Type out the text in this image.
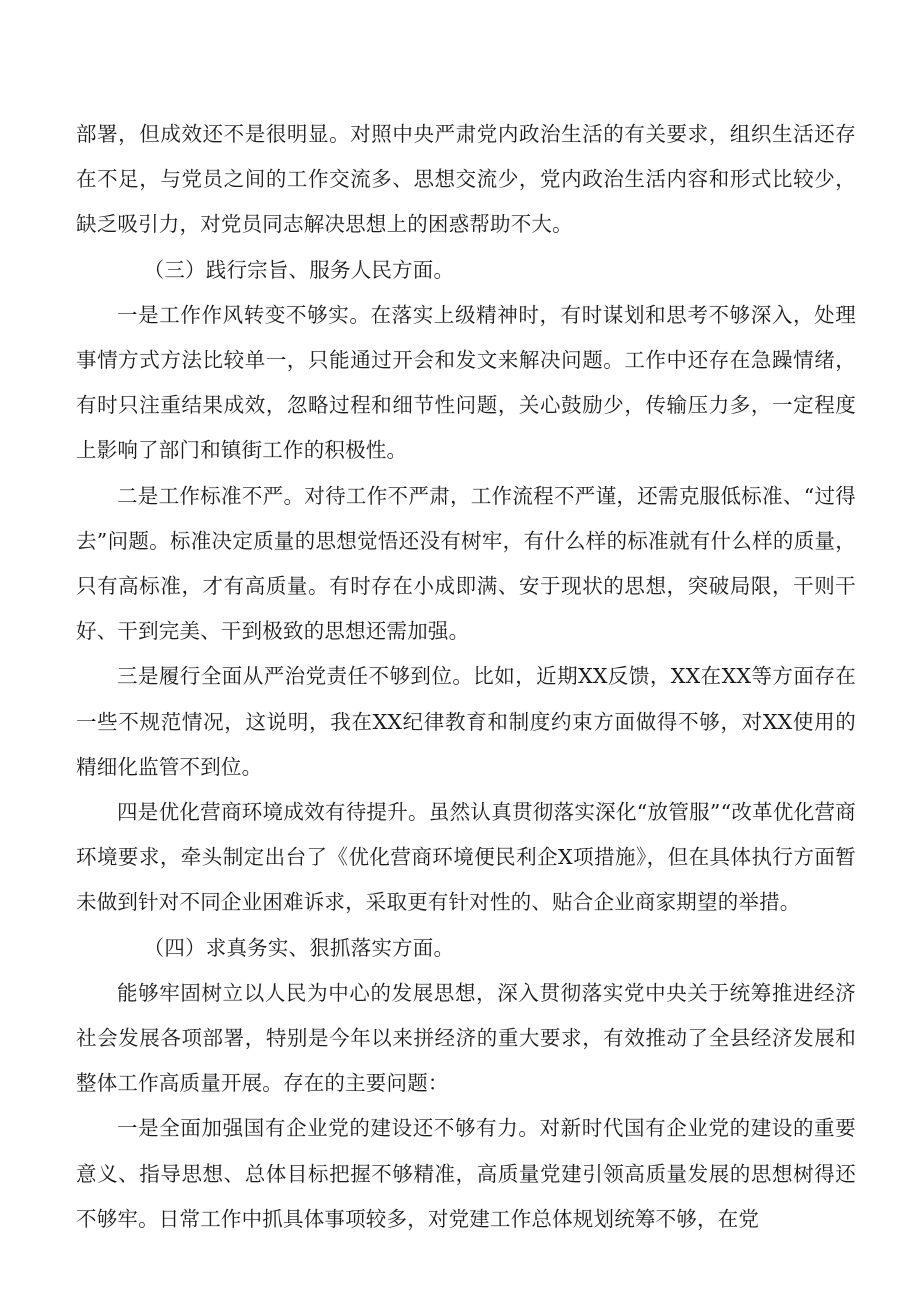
部署，但成效还不是很明显。对照中央严肃党内政治生活的有关要求，组织生活还存在不足，与党员之间的工作交流多、思想交流少，党内政治生活内容和形式比较少，缺乏吸引力，对党员同志解决思想上的困惑帮助不大。

（三）践行宗旨、服务人民方面。

一是工作作风转变不够实。在落实上级精神时，有时谋划和思考不够深入，处理事情方式方法比较单一，只能通过开会和发文来解决问题。工作中还存在急躁情绪，有时只注重结果成效，忽略过程和细节性问题，关心鼓励少，传输压力多，一定程度上影响了部门和镇街工作的积极性。

二是工作标准不严。对待工作不严肃，工作流程不严谨，还需克服低标准、“过得去”问题。标准决定质量的思想觉悟还没有树牢，有什么样的标准就有什么样的质量，只有高标准，才有高质量。有时存在小成即满、安于现状的思想，突破局限，干则干好、干到完美、干到极致的思想还需加强。

三是履行全面从严治党责任不够到位。比如，近期XX反馈，XX在XX等方面存在一些不规范情况，这说明，我在XX纪律教育和制度约束方面做得不够，对XX使用的精细化监管不到位。

四是优化营商环境成效有待提升。虽然认真贯彻落实深化“放管服”“改革优化营商环境要求，牵头制定出台了《优化营商环境便民利企X项措施》，但在具体执行方面暂未做到针对不同企业困难诉求，采取更有针对性的、贴合企业商家期望的举措。

（四）求真务实、狠抓落实方面。

能够牢固树立以人民为中心的发展思想，深入贯彻落实党中央关于统筹推进经济社会发展各项部署，特别是今年以来拼经济的重大要求，有效推动了全县经济发展和整体工作高质量开展。存在的主要问题：

一是全面加强国有企业党的建设还不够有力。对新时代国有企业党的建设的重要意义、指导思想、总体目标把握不够精准，高质量党建引领高质量发展的思想树得还不够牢。日常工作中抓具体事项较多，对党建工作总体规划统筹不够，在党
